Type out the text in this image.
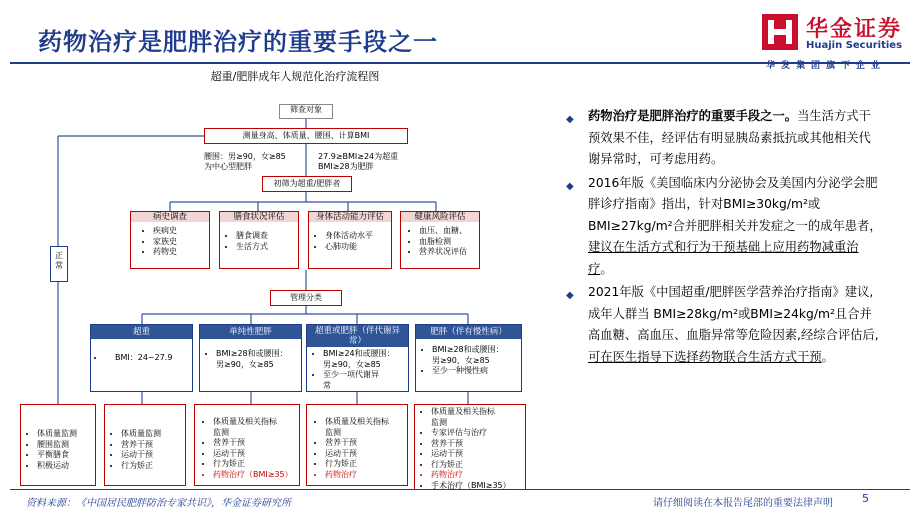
药物治疗是肥胖治疗的重要手段之一	华金证券
Huajin Securities
华发集团旗下企业
超重/肥胖成年人规范化治疗流程图
筛查对象
测量身高、体质量、腰围、计算BMI
腰围：男≥90，女≥85
为中心型肥胖
27.9≥BMI≥24为超重
BMI≥28为肥胖
初筛为超重/肥胖者
正
常
病史调查
• 疾病史
• 家族史
• 药物史
膳食状况评估
• 膳食调查
• 生活方式
身体活动能力评估
• 身体活动水平
• 心肺功能
健康风险评估
• 血压、血糖、
• 血脂检测
• 营养状况评估
管理分类
超重
• BMI：24~27.9
单纯性肥胖
• BMI≥28和或腰围：
男≥90，女≥85
超重或肥胖（伴代谢异常）
• BMI≥24和或腰围：
男≥90，女≥85
• 至少一项代谢异
常
肥胖（伴有慢性病）
• BMI≥28和或腰围：
男≥90，女≥85
• 至少一种慢性病
• 体质量监测
• 腰围监测
• 平衡膳食
• 积极运动
• 体质量监测
• 营养干预
• 运动干预
• 行为矫正
• 体质量及相关指标
监测
• 营养干预
• 运动干预
• 行为矫正
• 药物治疗（BMI≥35）
• 体质量及相关指标
监测
• 营养干预
• 运动干预
• 行为矫正
• 药物治疗
• 体质量及相关指标
监测
• 专家评估与治疗
• 营养干预
• 运动干预
• 行为矫正
• 药物治疗
• 手术治疗（BMI≥35）
◆ 药物治疗是肥胖治疗的重要手段之一。当生活方式干预效果不佳，经评估有明显胰岛素抵抗或其他相关代谢异常时，可考虑用药。
◆ 2016年版《美国临床内分泌协会及美国内分泌学会肥胖诊疗指南》指出，针对BMI≥30kg/m²或BMI≥27kg/m²合并肥胖相关并发症之一的成年患者，建议在生活方式和行为干预基础上应用药物减重治疗。
◆ 2021年版《中国超重/肥胖医学营养治疗指南》建议,成年人群当 BMI≥28kg/m²或BMI≥24kg/m²且合并高血糖、高血压、血脂异常等危险因素,经综合评估后,可在医生指导下选择药物联合生活方式干预。
资料来源：《中国居民肥胖防治专家共识》，华金证券研究所	请仔细阅读在本报告尾部的重要法律声明	5
